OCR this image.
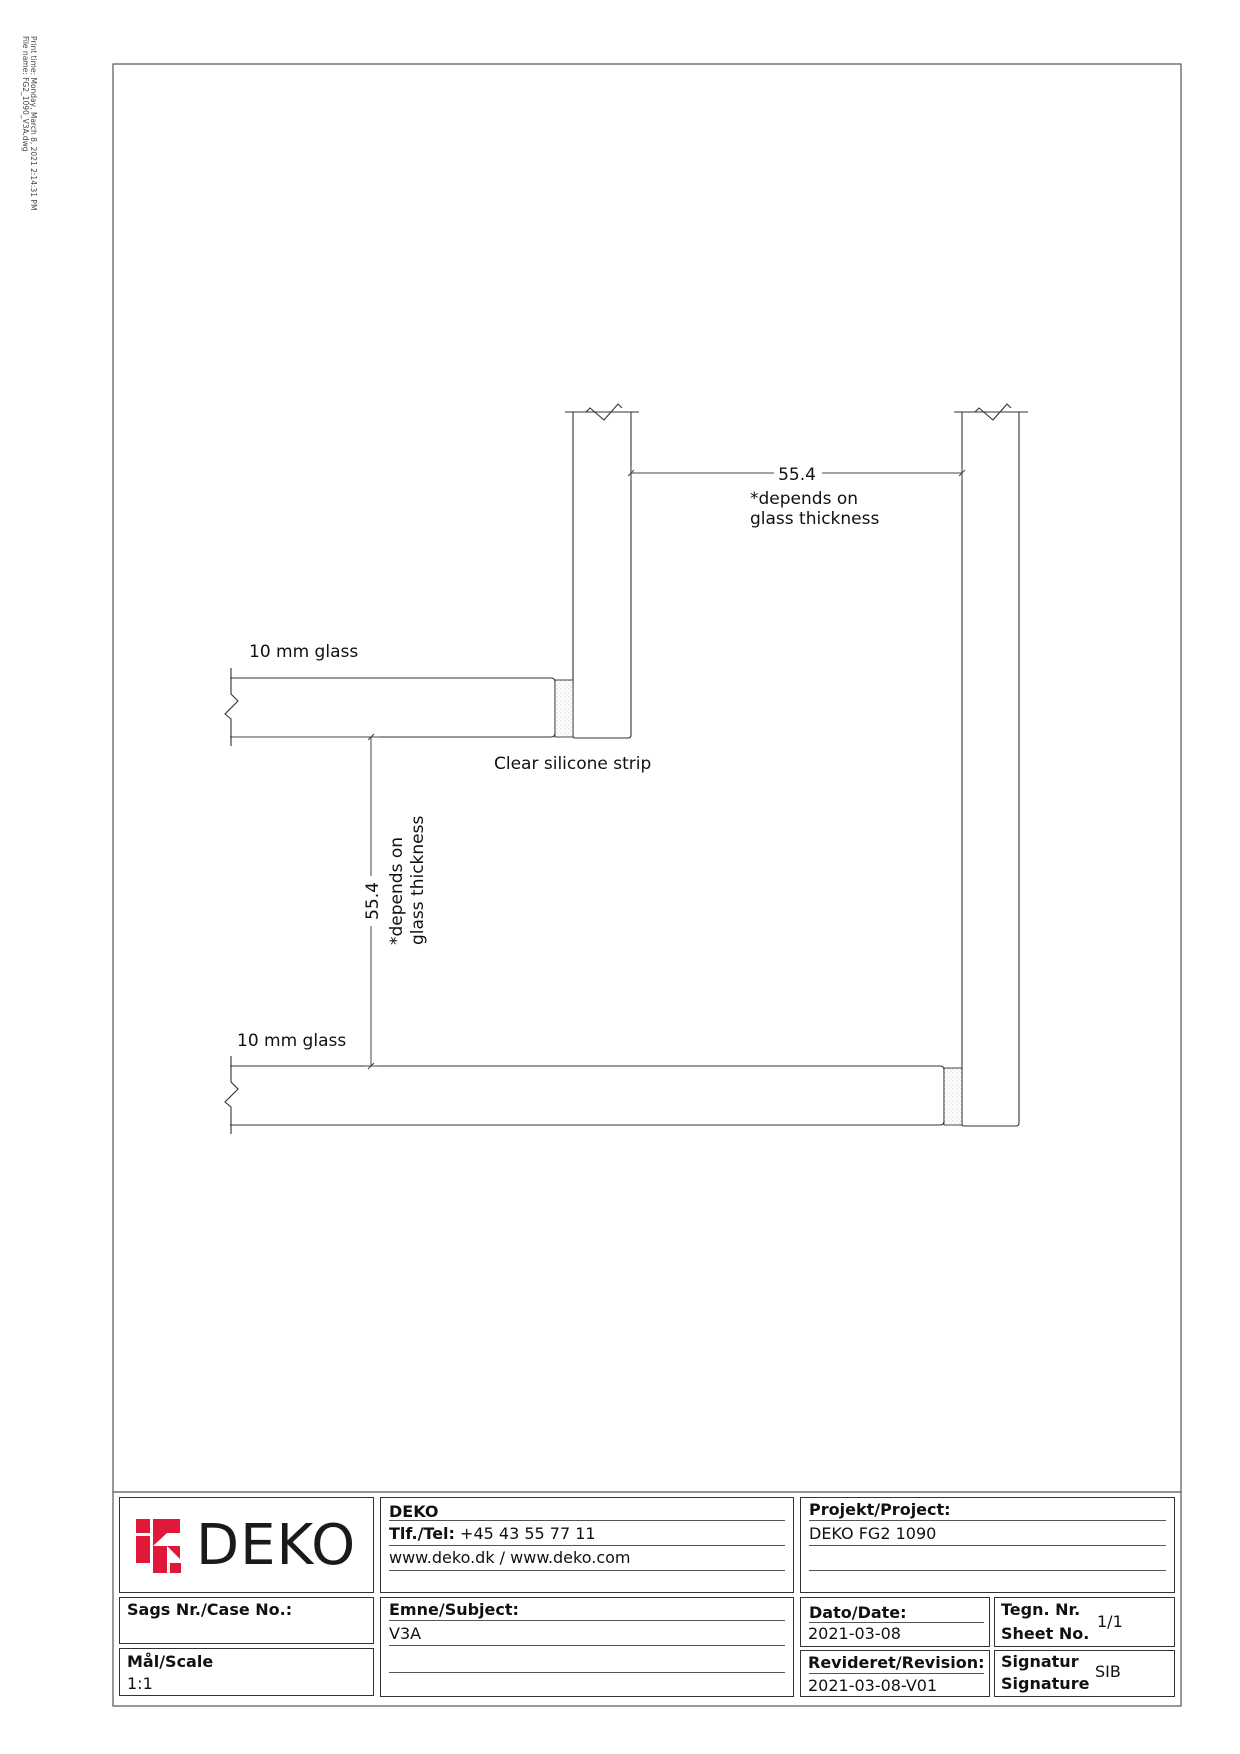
Print time: Monday, March 8, 2021 2:14:31 PM
File name: FG2_1090_V3A.dwg
55.4
*depends on
glass thickness
55.4 *depends on glass thickness
10 mm glass
Clear silicone strip
10 mm glass
DEKO
DEKO
Tlf./Tel: +45 43 55 77 11
www.deko.dk / www.deko.com
Projekt/Project:
DEKO FG2 1090
Sags Nr./Case No.:	Emne/Subject:
V3A
Dato/Date:
2021-03-08
Tegn. Nr.
Sheet No.
1/1
Mål/Scale
1:1
Revideret/Revision:
2021-03-08-V01
Signatur
Signature
SIB
